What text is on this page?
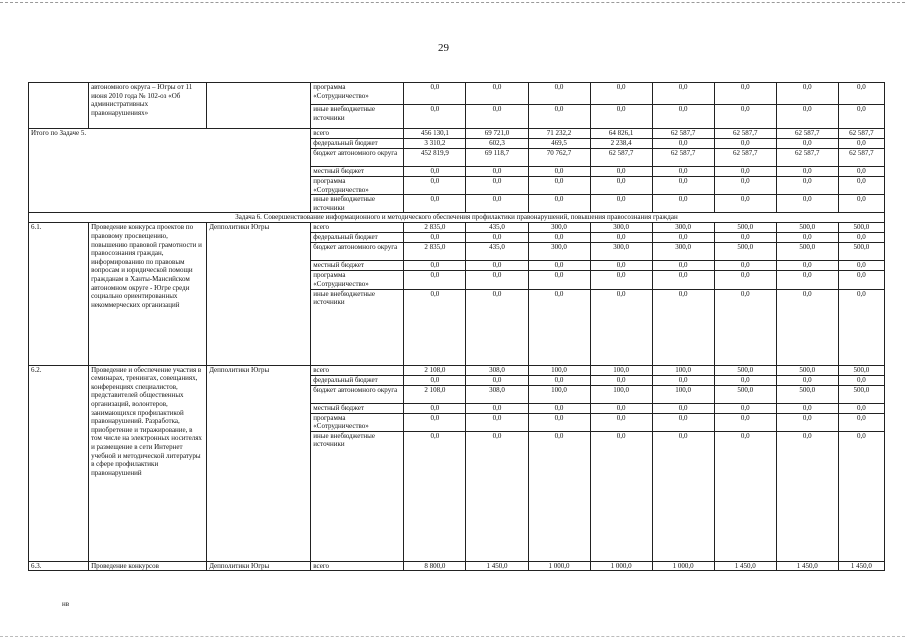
29
	автономного округа – Югры от 11 июня 2010 года № 102-оз «Об административных правонарушениях»		программа «Сотрудничество»	0,0	0,0	0,0	0,0	0,0	0,0	0,0	0,0
			иные внебюджетные источники	0,0	0,0	0,0	0,0	0,0	0,0	0,0	0,0
Итого по Задаче 5.			всего	456 130,1	69 721,0	71 232,2	64 826,1	62 587,7	62 587,7	62 587,7	62 587,7
			федеральный бюджет	3 310,2	602,3	469,5	2 238,4	0,0	0,0	0,0	0,0
			бюджет автономного округа	452 819,9	69 118,7	70 762,7	62 587,7	62 587,7	62 587,7	62 587,7	62 587,7
			местный бюджет	0,0	0,0	0,0	0,0	0,0	0,0	0,0	0,0
			программа «Сотрудничество»	0,0	0,0	0,0	0,0	0,0	0,0	0,0	0,0
			иные внебюджетные источники	0,0	0,0	0,0	0,0	0,0	0,0	0,0	0,0
Задача 6. Совершенствование информационного и методического обеспечения профилактики правонарушений, повышения правосознания граждан											
6.1.	Проведение конкурса проектов по правовому просвещению, повышению правовой грамотности и правосознания граждан, информированию по правовым вопросам и юридической помощи гражданам в Ханты-Мансийском автономном округе - Югре среди социально ориентированных некоммерческих организаций	Депполитики Югры	всего	2 835,0	435,0	300,0	300,0	300,0	500,0	500,0	500,0
			федеральный бюджет	0,0	0,0	0,0	0,0	0,0	0,0	0,0	0,0
			бюджет автономного округа	2 835,0	435,0	300,0	300,0	300,0	500,0	500,0	500,0
			местный бюджет	0,0	0,0	0,0	0,0	0,0	0,0	0,0	0,0
			программа «Сотрудничество»	0,0	0,0	0,0	0,0	0,0	0,0	0,0	0,0
			иные внебюджетные источники	0,0	0,0	0,0	0,0	0,0	0,0	0,0	0,0
6.2.	Проведение и обеспечение участия в семинарах, тренингах, совещаниях, конференциях специалистов, представителей общественных организаций, волонтеров, занимающихся профилактикой правонарушений. Разработка, приобретение и тиражирование, в том числе на электронных носителях и размещение в сети Интернет учебной и методической литературы в сфере профилактики правонарушений	Депполитики Югры	всего	2 108,0	308,0	100,0	100,0	100,0	500,0	500,0	500,0
			федеральный бюджет	0,0	0,0	0,0	0,0	0,0	0,0	0,0	0,0
			бюджет автономного округа	2 108,0	308,0	100,0	100,0	100,0	500,0	500,0	500,0
			местный бюджет	0,0	0,0	0,0	0,0	0,0	0,0	0,0	0,0
			программа «Сотрудничество»	0,0	0,0	0,0	0,0	0,0	0,0	0,0	0,0
			иные внебюджетные источники	0,0	0,0	0,0	0,0	0,0	0,0	0,0	0,0
6.3.	Проведение конкурсов	Депполитики Югры	всего	8 800,0	1 450,0	1 000,0	1 000,0	1 000,0	1 450,0	1 450,0	1 450,0
нв
